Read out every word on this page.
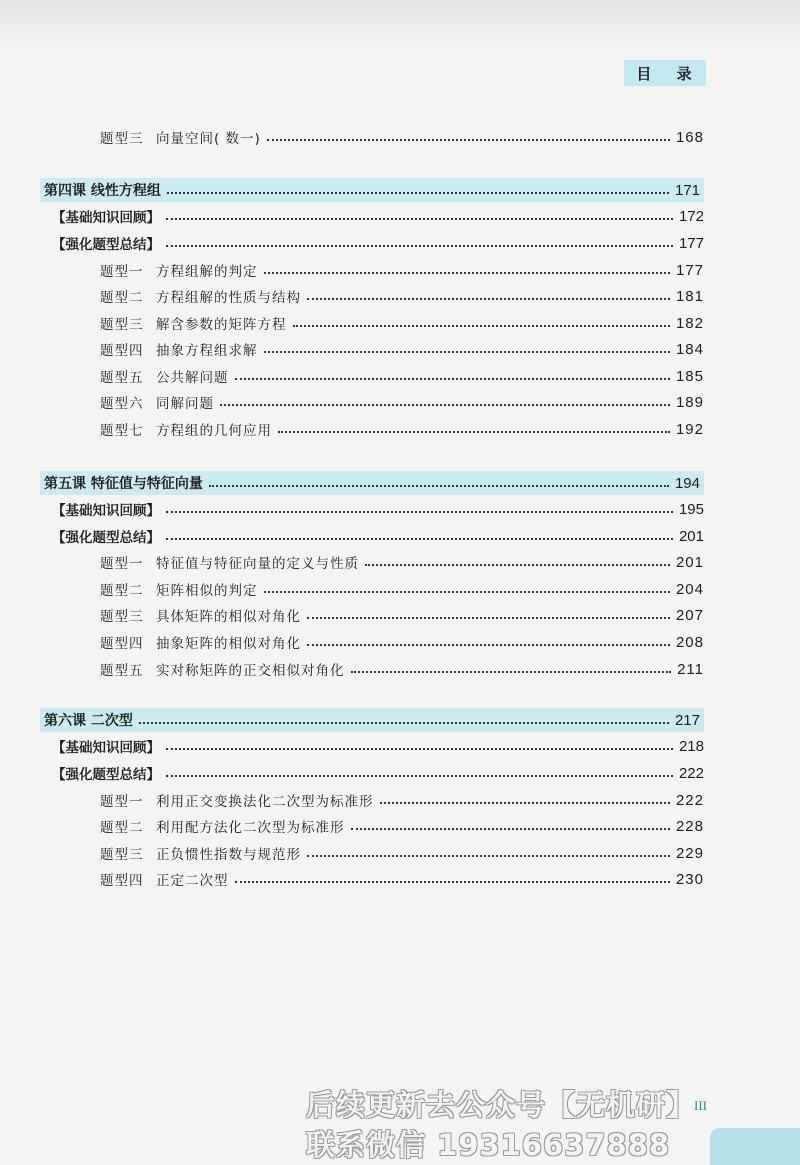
目 录
题型三 向量空间( 数一)	168
第四课 线性方程组	171
【基础知识回顾】	172
【强化题型总结】	177
题型一 方程组解的判定	177
题型二 方程组解的性质与结构	181
题型三 解含参数的矩阵方程	182
题型四 抽象方程组求解	184
题型五 公共解问题	185
题型六 同解问题	189
题型七 方程组的几何应用	192
第五课 特征值与特征向量	194
【基础知识回顾】	195
【强化题型总结】	201
题型一 特征值与特征向量的定义与性质	201
题型二 矩阵相似的判定	204
题型三 具体矩阵的相似对角化	207
题型四 抽象矩阵的相似对角化	208
题型五 实对称矩阵的正交相似对角化	211
第六课 二次型	217
【基础知识回顾】	218
【强化题型总结】	222
题型一 利用正交变换法化二次型为标准形	222
题型二 利用配方法化二次型为标准形	228
题型三 正负惯性指数与规范形	229
题型四 正定二次型	230
后续更新去公众号【无机研】
联系微信 19316637888
III
